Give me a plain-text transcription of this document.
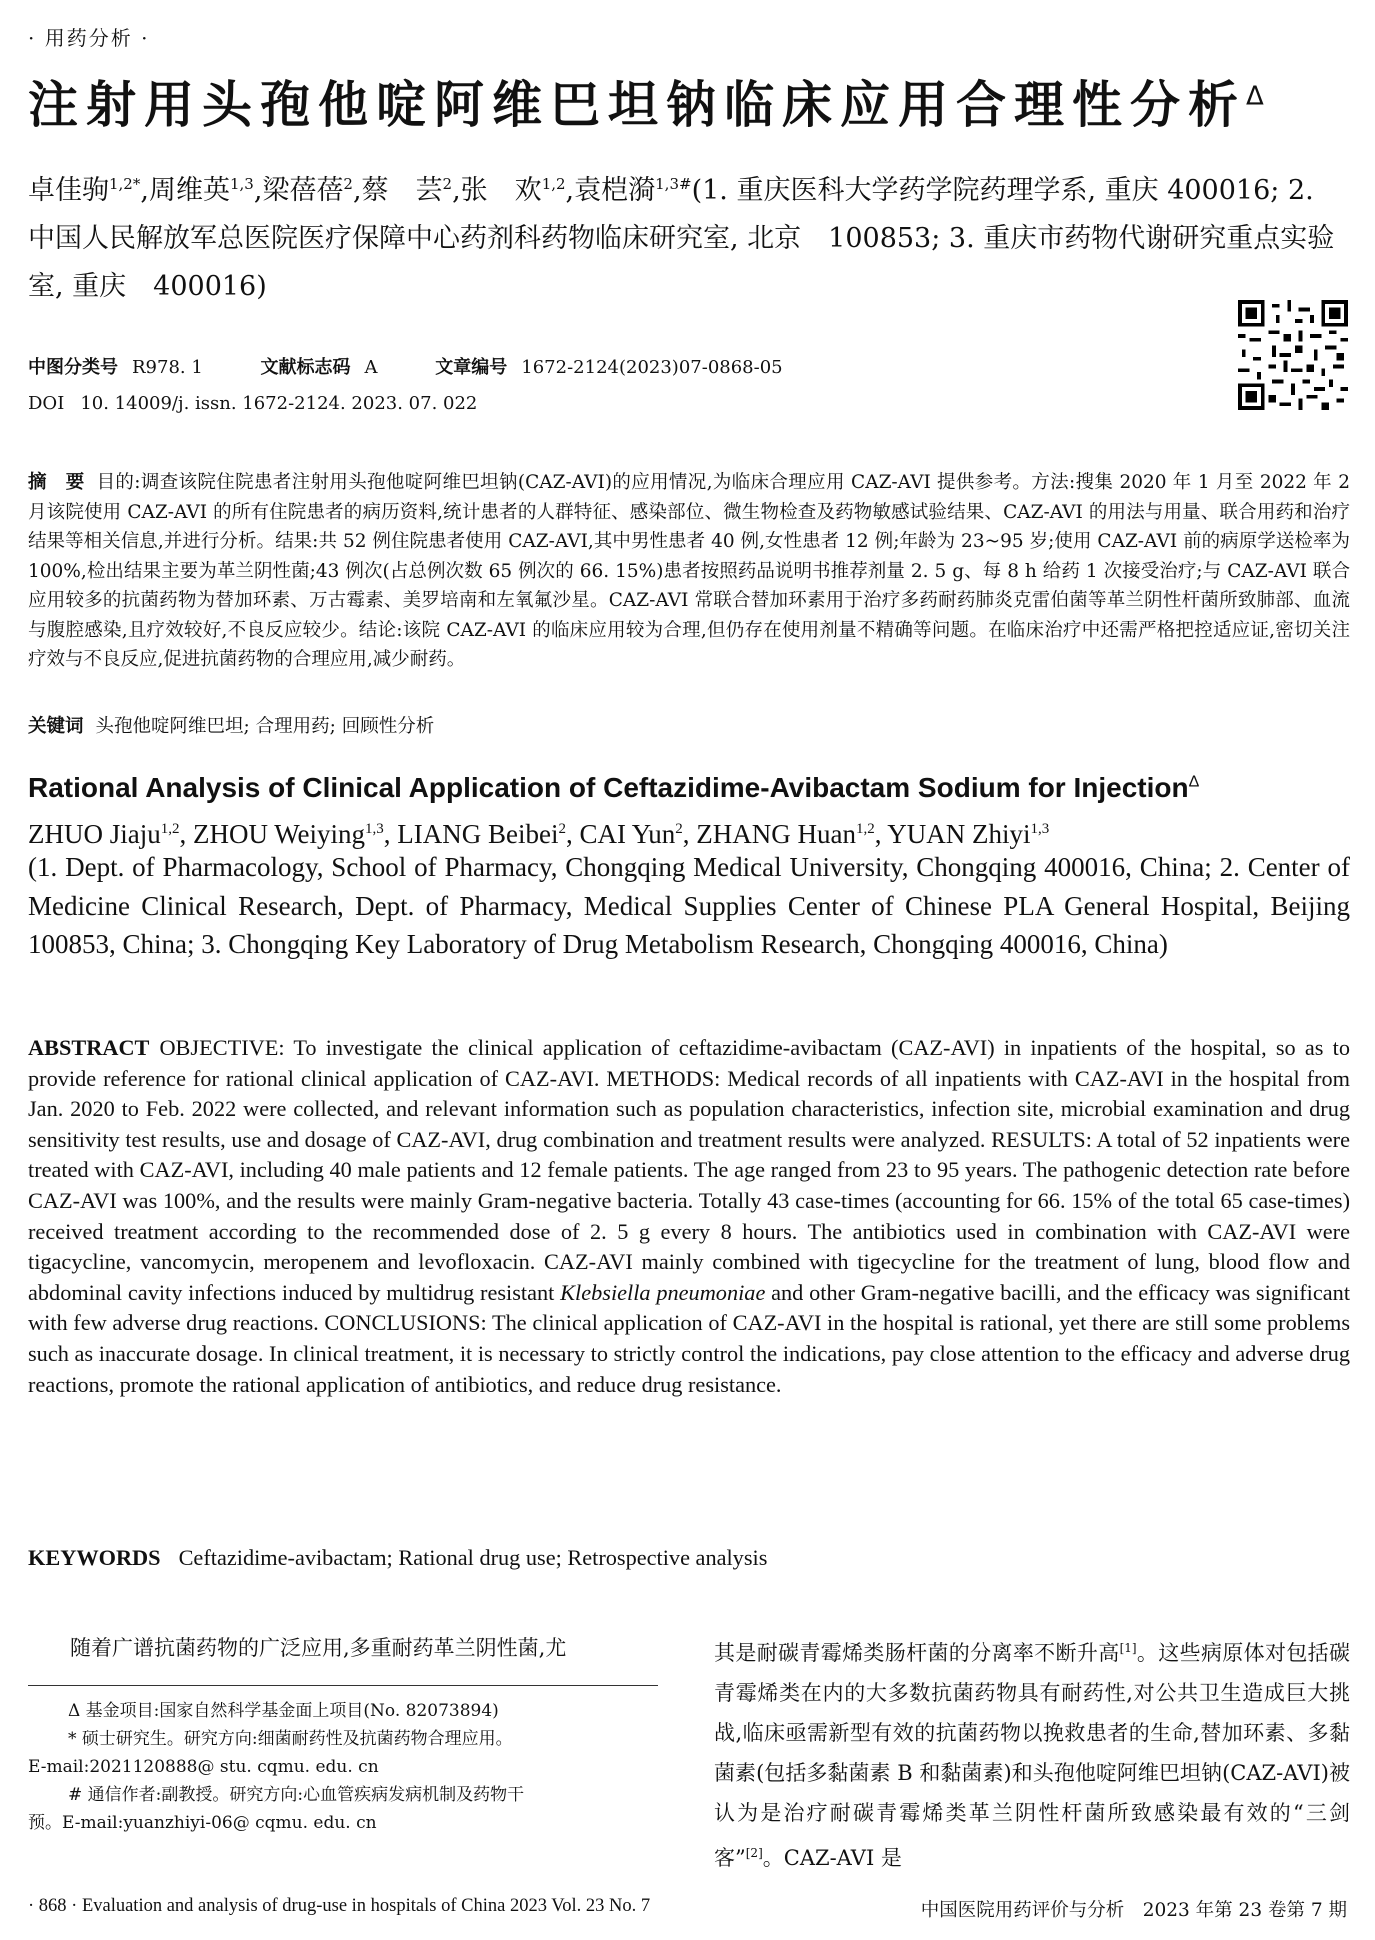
· 用药分析 ·
注射用头孢他啶阿维巴坦钠临床应用合理性分析$^\Delta$
卓佳驹$^{1,2*}$,周维英$^{1,3}$,梁蓓蓓$^2$,蔡　芸$^2$,张　欢$^{1,2}$,袁桤漪$^{1,3\#}$(1. 重庆医科大学药学院药理学系, 重庆 400016; 2. 中国人民解放军总医院医疗保障中心药剂科药物临床研究室, 北京　100853; 3. 重庆市药物代谢研究重点实验室, 重庆　400016)
中图分类号 R978. 1	文献标志码 A	文章编号 1672-2124(2023)07-0868-05
DOI 10. 14009/j. issn. 1672-2124. 2023. 07. 022
摘　要 目的:调查该院住院患者注射用头孢他啶阿维巴坦钠(CAZ-AVI)的应用情况,为临床合理应用 CAZ-AVI 提供参考。方法:搜集 2020 年 1 月至 2022 年 2 月该院使用 CAZ-AVI 的所有住院患者的病历资料,统计患者的人群特征、感染部位、微生物检查及药物敏感试验结果、CAZ-AVI 的用法与用量、联合用药和治疗结果等相关信息,并进行分析。结果:共 52 例住院患者使用 CAZ-AVI,其中男性患者 40 例,女性患者 12 例;年龄为 23~95 岁;使用 CAZ-AVI 前的病原学送检率为 100%,检出结果主要为革兰阴性菌;43 例次(占总例次数 65 例次的 66. 15%)患者按照药品说明书推荐剂量 2. 5 g、每 8 h 给药 1 次接受治疗;与 CAZ-AVI 联合应用较多的抗菌药物为替加环素、万古霉素、美罗培南和左氧氟沙星。CAZ-AVI 常联合替加环素用于治疗多药耐药肺炎克雷伯菌等革兰阴性杆菌所致肺部、血流与腹腔感染,且疗效较好,不良反应较少。结论:该院 CAZ-AVI 的临床应用较为合理,但仍存在使用剂量不精确等问题。在临床治疗中还需严格把控适应证,密切关注疗效与不良反应,促进抗菌药物的合理应用,减少耐药。
关键词 头孢他啶阿维巴坦; 合理用药; 回顾性分析
Rational Analysis of Clinical Application of Ceftazidime-Avibactam Sodium for Injection$^\Delta$
ZHUO Jiaju$^{1,2}$, ZHOU Weiying$^{1,3}$, LIANG Beibei$^2$, CAI Yun$^2$, ZHANG Huan$^{1,2}$, YUAN Zhiyi$^{1,3}$
(1. Dept. of Pharmacology, School of Pharmacy, Chongqing Medical University, Chongqing 400016, China; 2. Center of Medicine Clinical Research, Dept. of Pharmacy, Medical Supplies Center of Chinese PLA General Hospital, Beijing 100853, China; 3. Chongqing Key Laboratory of Drug Metabolism Research, Chongqing 400016, China)
ABSTRACT OBJECTIVE: To investigate the clinical application of ceftazidime-avibactam (CAZ-AVI) in inpatients of the hospital, so as to provide reference for rational clinical application of CAZ-AVI. METHODS: Medical records of all inpatients with CAZ-AVI in the hospital from Jan. 2020 to Feb. 2022 were collected, and relevant information such as population characteristics, infection site, microbial examination and drug sensitivity test results, use and dosage of CAZ-AVI, drug combination and treatment results were analyzed. RESULTS: A total of 52 inpatients were treated with CAZ-AVI, including 40 male patients and 12 female patients. The age ranged from 23 to 95 years. The pathogenic detection rate before CAZ-AVI was 100%, and the results were mainly Gram-negative bacteria. Totally 43 case-times (accounting for 66. 15% of the total 65 case-times) received treatment according to the recommended dose of 2. 5 g every 8 hours. The antibiotics used in combination with CAZ-AVI were tigacycline, vancomycin, meropenem and levofloxacin. CAZ-AVI mainly combined with tigecycline for the treatment of lung, blood flow and abdominal cavity infections induced by multidrug resistant Klebsiella pneumoniae and other Gram-negative bacilli, and the efficacy was significant with few adverse drug reactions. CONCLUSIONS: The clinical application of CAZ-AVI in the hospital is rational, yet there are still some problems such as inaccurate dosage. In clinical treatment, it is necessary to strictly control the indications, pay close attention to the efficacy and adverse drug reactions, promote the rational application of antibiotics, and reduce drug resistance.
KEYWORDS Ceftazidime-avibactam; Rational drug use; Retrospective analysis
随着广谱抗菌药物的广泛应用,多重耐药革兰阴性菌,尤

Δ 基金项目:国家自然科学基金面上项目(No. 82073894)

* 硕士研究生。研究方向:细菌耐药性及抗菌药物合理应用。

E-mail:2021120888@ stu. cqmu. edu. cn

# 通信作者:副教授。研究方向:心血管疾病发病机制及药物干

预。E-mail:yuanzhiyi-06@ cqmu. edu. cn

其是耐碳青霉烯类肠杆菌的分离率不断升高[1]。这些病原体对包括碳青霉烯类在内的大多数抗菌药物具有耐药性,对公共卫生造成巨大挑战,临床亟需新型有效的抗菌药物以挽救患者的生命,替加环素、多黏菌素(包括多黏菌素 B 和黏菌素)和头孢他啶阿维巴坦钠(CAZ-AVI)被认为是治疗耐碳青霉烯类革兰阴性杆菌所致感染最有效的“三剑客”[2]。CAZ-AVI 是
· 868 · Evaluation and analysis of drug-use in hospitals of China 2023 Vol. 23 No. 7	中国医院用药评价与分析　2023 年第 23 卷第 7 期
